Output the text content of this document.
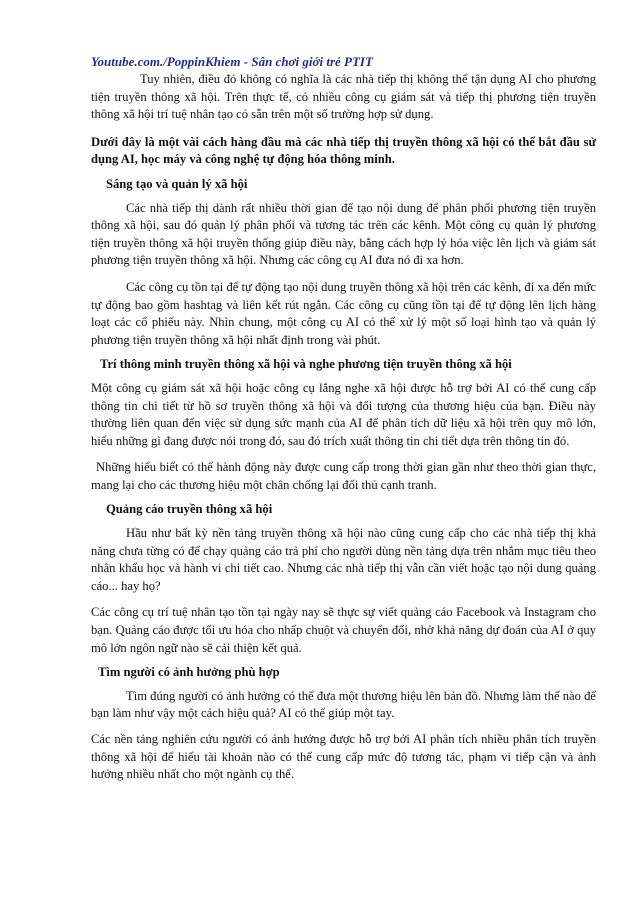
Youtube.com./PoppinKhiem - Sân chơi giới trẻ PTIT

Tuy nhiên, điều đó không có nghĩa là các nhà tiếp thị không thể tận dụng AI cho phương tiện truyền thông xã hội. Trên thực tế, có nhiều công cụ giám sát và tiếp thị phương tiện truyền thông xã hội trí tuệ nhân tạo có sẵn trên một số trường hợp sử dụng.

Dưới đây là một vài cách hàng đầu mà các nhà tiếp thị truyền thông xã hội có thể bắt đầu sử dụng AI, học máy và công nghệ tự động hóa thông minh.

Sáng tạo và quản lý xã hội

Các nhà tiếp thị dành rất nhiều thời gian để tạo nội dung để phân phối phương tiện truyền thông xã hội, sau đó quản lý phân phối và tương tác trên các kênh. Một công cụ quản lý phương tiện truyền thông xã hội truyền thống giúp điều này, bằng cách hợp lý hóa việc lên lịch và giám sát phương tiện truyền thông xã hội. Nhưng các công cụ AI đưa nó đi xa hơn.

Các công cụ tồn tại để tự động tạo nội dung truyền thông xã hội trên các kênh, đi xa đến mức tự động bao gồm hashtag và liên kết rút ngắn. Các công cụ cũng tồn tại để tự động lên lịch hàng loạt các cổ phiếu này. Nhìn chung, một công cụ AI có thể xử lý một số loại hình tạo và quản lý phương tiện truyền thông xã hội nhất định trong vài phút.

Trí thông minh truyền thông xã hội và nghe phương tiện truyền thông xã hội

Một công cụ giám sát xã hội hoặc công cụ lắng nghe xã hội được hỗ trợ bởi AI có thể cung cấp thông tin chi tiết từ hồ sơ truyền thông xã hội và đối tượng của thương hiệu của bạn. Điều này thường liên quan đến việc sử dụng sức mạnh của AI để phân tích dữ liệu xã hội trên quy mô lớn, hiểu những gì đang được nói trong đó, sau đó trích xuất thông tin chi tiết dựa trên thông tin đó.

Những hiểu biết có thể hành động này được cung cấp trong thời gian gần như theo thời gian thực, mang lại cho các thương hiệu một chân chống lại đối thủ cạnh tranh.

Quảng cáo truyền thông xã hội

Hầu như bất kỳ nền tảng truyền thông xã hội nào cũng cung cấp cho các nhà tiếp thị khả năng chưa từng có để chạy quảng cáo trả phí cho người dùng nền tảng dựa trên nhắm mục tiêu theo nhân khẩu học và hành vi chi tiết cao. Nhưng các nhà tiếp thị vẫn cần viết hoặc tạo nội dung quảng cáo... hay họ?

Các công cụ trí tuệ nhân tạo tồn tại ngày nay sẽ thực sự viết quảng cáo Facebook và Instagram cho bạn. Quảng cáo được tối ưu hóa cho nhấp chuột và chuyển đổi, nhờ khả năng dự đoán của AI ở quy mô lớn ngôn ngữ nào sẽ cải thiện kết quả.

Tìm người có ảnh hưởng phù hợp

Tìm đúng người có ảnh hưởng có thể đưa một thương hiệu lên bản đồ. Nhưng làm thế nào để bạn làm như vậy một cách hiệu quả? AI có thể giúp một tay.

Các nền tảng nghiên cứu người có ảnh hưởng được hỗ trợ bởi AI phân tích nhiều phân tích truyền thông xã hội để hiểu tài khoản nào có thể cung cấp mức độ tương tác, phạm vi tiếp cận và ảnh hưởng nhiều nhất cho một ngành cụ thể.
